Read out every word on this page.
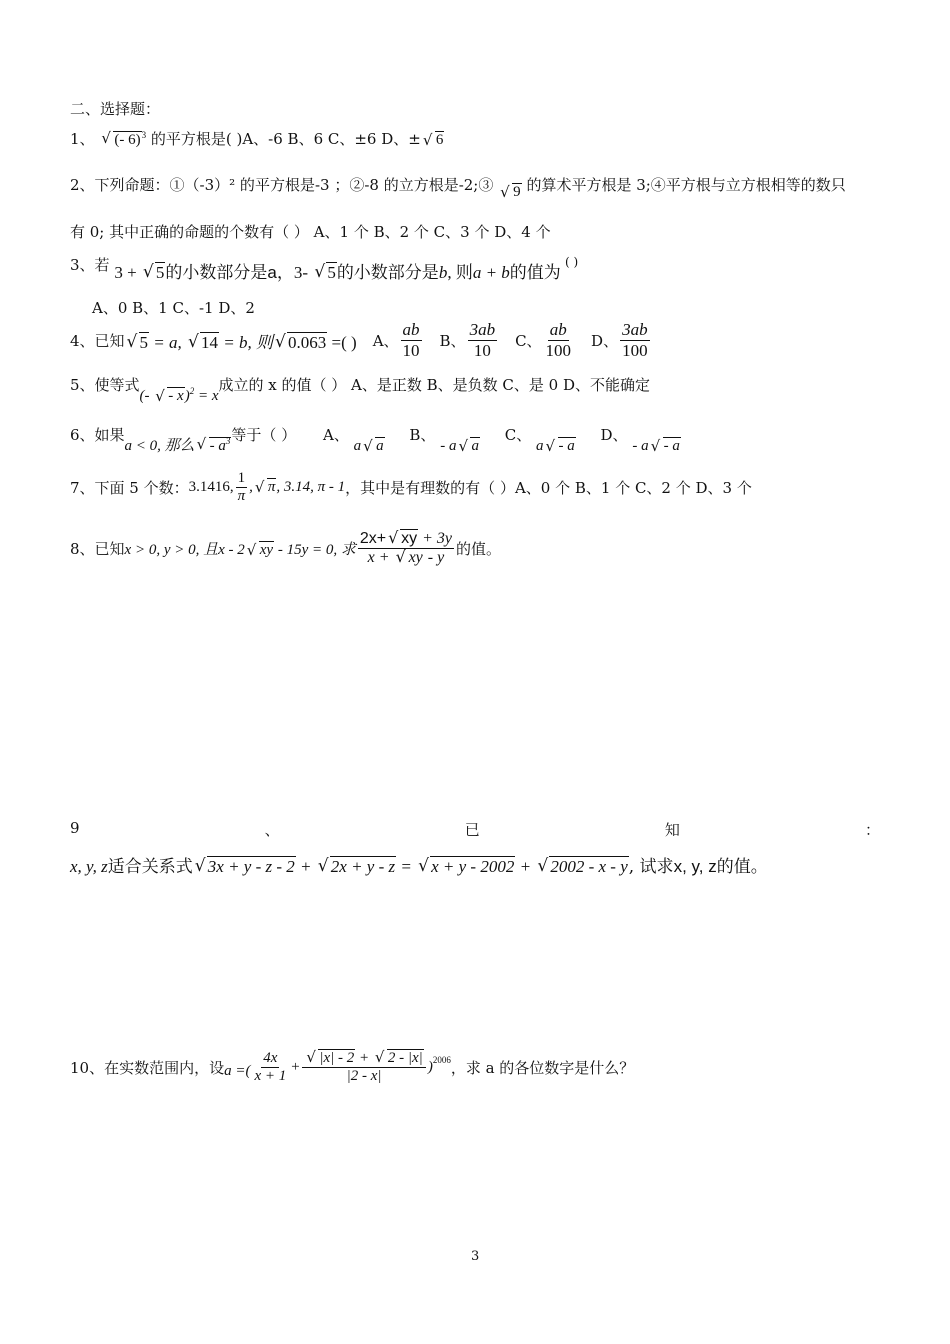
二、选择题：
1、 √ (- 6)$^3$ 的平方根是( )A、-6 B、6 C、±6 D、± √ 6
2、下列命题：①（-3）² 的平方根是-3 ；②-8 的立方根是-2;③ √ 9 的算术平方根是 3;④平方根与立方根相等的数只
有 0; 其中正确的命题的个数有（ ） A、1 个 B、2 个 C、3 个 D、4 个
3、若 3 + √ 5的小数部分是a，3- √ 5的小数部分是b, 则a + b的值为 ( )
A、0 B、1 C、-1 D、2
4、已知 √ 5 = a, √ 14 = b, 则 √ 0.063 =( ) A、 $\frac{ab}{10}$ B、 $\frac{3ab}{10}$ C、 $\frac{ab}{100}$ D、 $\frac{3ab}{100}$
5、使等式(- √ - x)$^2$ = x成立的 x 的值（ ） A、是正数 B、是负数 C、是 0 D、不能确定
6、如果a < 0, 那么 √ - $a^3$等于（ ） A、 a √ a B、 - a √ a C、 a √ - a D、 - a √ - a
7、下面 5 个数： 3.1416, $\frac{1}{\pi}$ ,	√ π , 3.14, π - 1 ，其中是有理数的有（ ）A、0 个 B、1 个 C、2 个 D、3 个
8、已知 x > 0, y > 0, 且x - 2 √ xy - 15y = 0, 求 $\frac{2x+ √ xy + 3y}{x + √ xy - y}$ 的值。
9	、	已	知	：
x, y, z适合关系式 √ 3x + y - z - 2 + √ 2x + y - z = √ x + y - 2002 + √ 2002 - x - y, 试求x, y, z的值。
10、在实数范围内，设 a =( $\frac{4x}{x + 1}$ + √ $\frac{|x| - 2 + √ 2 - |x|}{|2 - x|} )^{2006}$ ，求 a 的各位数字是什么？
3
